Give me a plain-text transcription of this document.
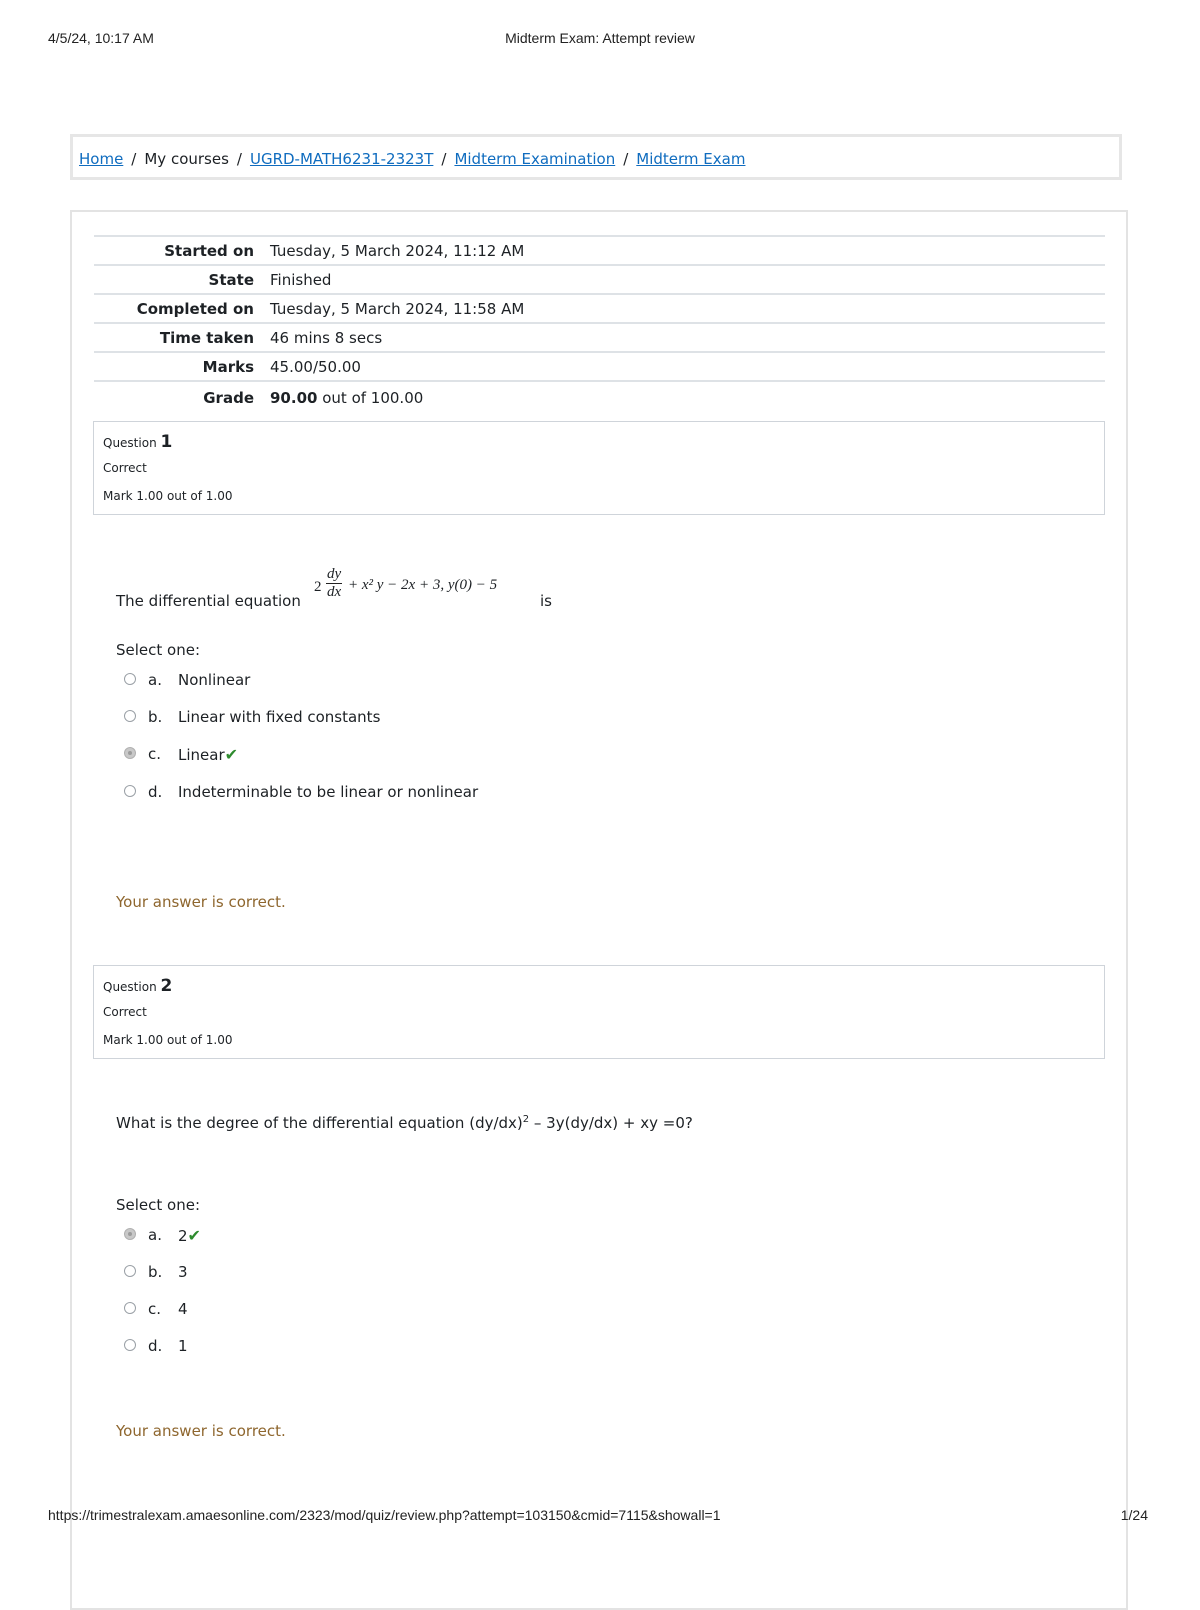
4/5/24, 10:17 AM	Midterm Exam: Attempt review
Home / My courses / UGRD-MATH6231-2323T / Midterm Examination / Midterm Exam
Started on	Tuesday, 5 March 2024, 11:12 AM
State	Finished
Completed on	Tuesday, 5 March 2024, 11:58 AM
Time taken	46 mins 8 secs
Marks	45.00/50.00
Grade	90.00 out of 100.00
Question 1
Correct
Mark 1.00 out of 1.00
The differential equation
$2 \frac{dy}{dx} + x^2$ y − 2x + 3, y(0) − 5
is
Select one:
a. Nonlinear
b. Linear with fixed constants
c. Linear✔
d. Indeterminable to be linear or nonlinear
Your answer is correct.
Question 2
Correct
Mark 1.00 out of 1.00
What is the degree of the differential equation $(dy/dx)^2 - 3y(dy/dx)$ + xy =0?
Select one:
a. 2✔
b. 3
c. 4
d. 1
Your answer is correct.
https://trimestralexam.amaesonline.com/2323/mod/quiz/review.php?attempt=103150&cmid=7115&showall=1	1/24
